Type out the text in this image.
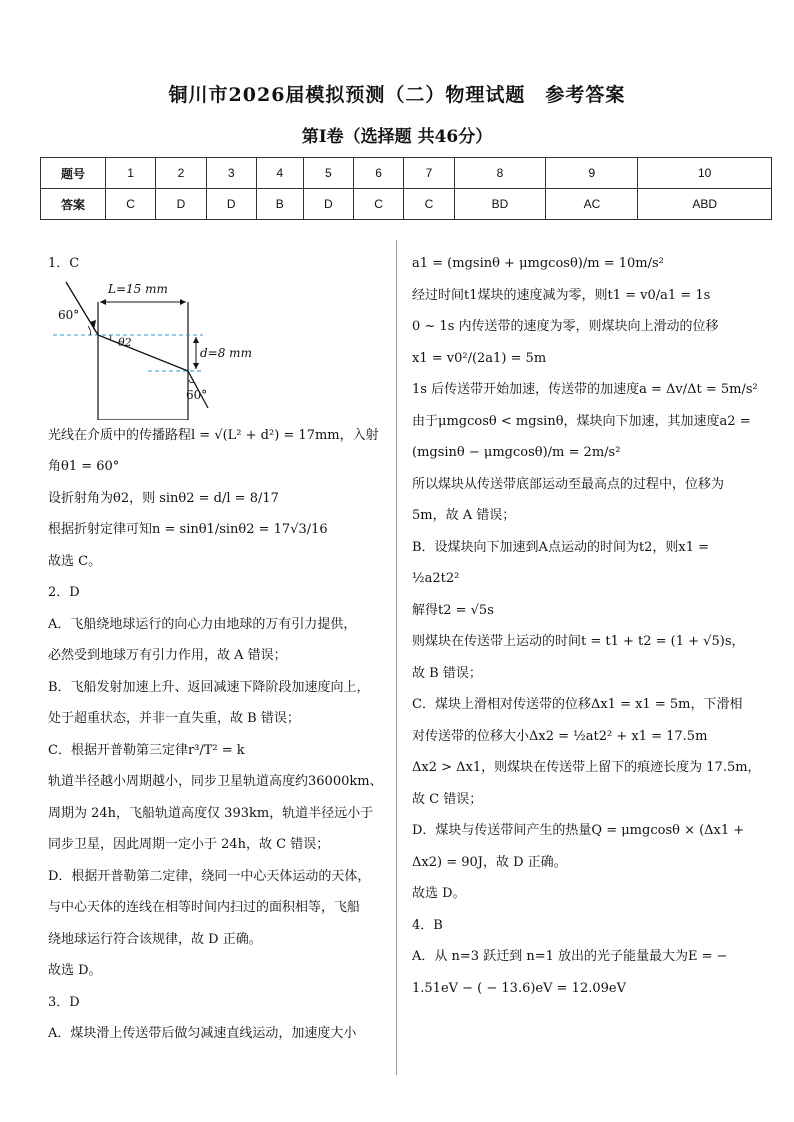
铜川市2026届模拟预测（二）物理试题　参考答案
第Ⅰ卷（选择题 共46分）
题号	1	2	3	4	5	6	7	8	9	10
答案	C	D	D	B	D	C	C	BD	AC	ABD
1．C
60°
L=15 mm
θ2
d=8 mm
60°
光线在介质中的传播路程l = √(L² + d²) = 17mm，入射
角θ1 = 60°
设折射角为θ2，则 sinθ2 = d/l = 8/17
根据折射定律可知n = sinθ1/sinθ2 = 17√3/16
故选 C。
2．D
A．飞船绕地球运行的向心力由地球的万有引力提供，
必然受到地球万有引力作用，故 A 错误；
B．飞船发射加速上升、返回减速下降阶段加速度向上，
处于超重状态，并非一直失重，故 B 错误；
C．根据开普勒第三定律r³/T² = k
轨道半径越小周期越小，同步卫星轨道高度约36000km、
周期为 24h，飞船轨道高度仅 393km，轨道半径远小于
同步卫星，因此周期一定小于 24h，故 C 错误；
D．根据开普勒第二定律，绕同一中心天体运动的天体，
与中心天体的连线在相等时间内扫过的面积相等，飞船
绕地球运行符合该规律，故 D 正确。
故选 D。
3．D
A．煤块滑上传送带后做匀减速直线运动，加速度大小
a1 = (mgsinθ + μmgcosθ)/m = 10m/s²
经过时间t1煤块的速度减为零，则t1 = v0/a1 = 1s
0 ~ 1s 内传送带的速度为零，则煤块向上滑动的位移
x1 = v0²/(2a1) = 5m
1s 后传送带开始加速，传送带的加速度a = Δv/Δt = 5m/s²
由于μmgcosθ < mgsinθ，煤块向下加速，其加速度a2 =
(mgsinθ − μmgcosθ)/m = 2m/s²
所以煤块从传送带底部运动至最高点的过程中，位移为
5m，故 A 错误；
B．设煤块向下加速到A点运动的时间为t2，则x1 =
½a2t2²
解得t2 = √5s
则煤块在传送带上运动的时间t = t1 + t2 = (1 + √5)s，
故 B 错误；
C．煤块上滑相对传送带的位移Δx1 = x1 = 5m，下滑相
对传送带的位移大小Δx2 = ½at2² + x1 = 17.5m
Δx2 > Δx1，则煤块在传送带上留下的痕迹长度为 17.5m，
故 C 错误；
D．煤块与传送带间产生的热量Q = μmgcosθ × (Δx1 +
Δx2) = 90J，故 D 正确。
故选 D。
4．B
A．从 n=3 跃迁到 n=1 放出的光子能量最大为E = −
1.51eV − ( − 13.6)eV = 12.09eV
